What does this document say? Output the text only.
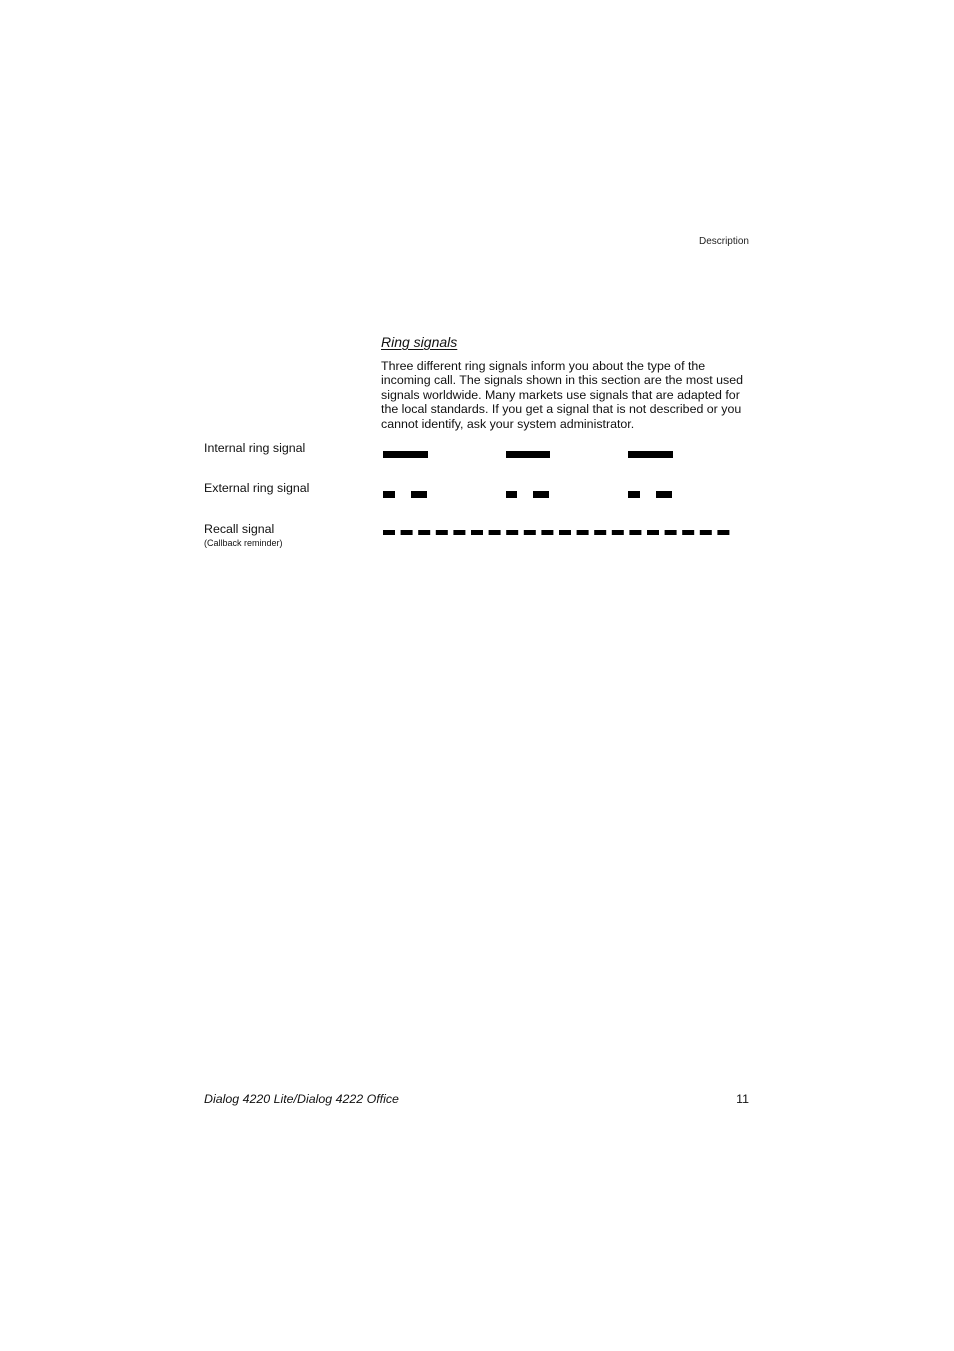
Description
Ring signals

Three different ring signals inform you about the type of the incoming call. The signals shown in this section are the most used signals worldwide. Many markets use signals that are adapted for the local standards. If you get a signal that is not described or you cannot identify, ask your system administrator.

Internal ring signal
External ring signal
Recall signal
(Callback reminder)
Dialog 4220 Lite/Dialog 4222 Office	11
